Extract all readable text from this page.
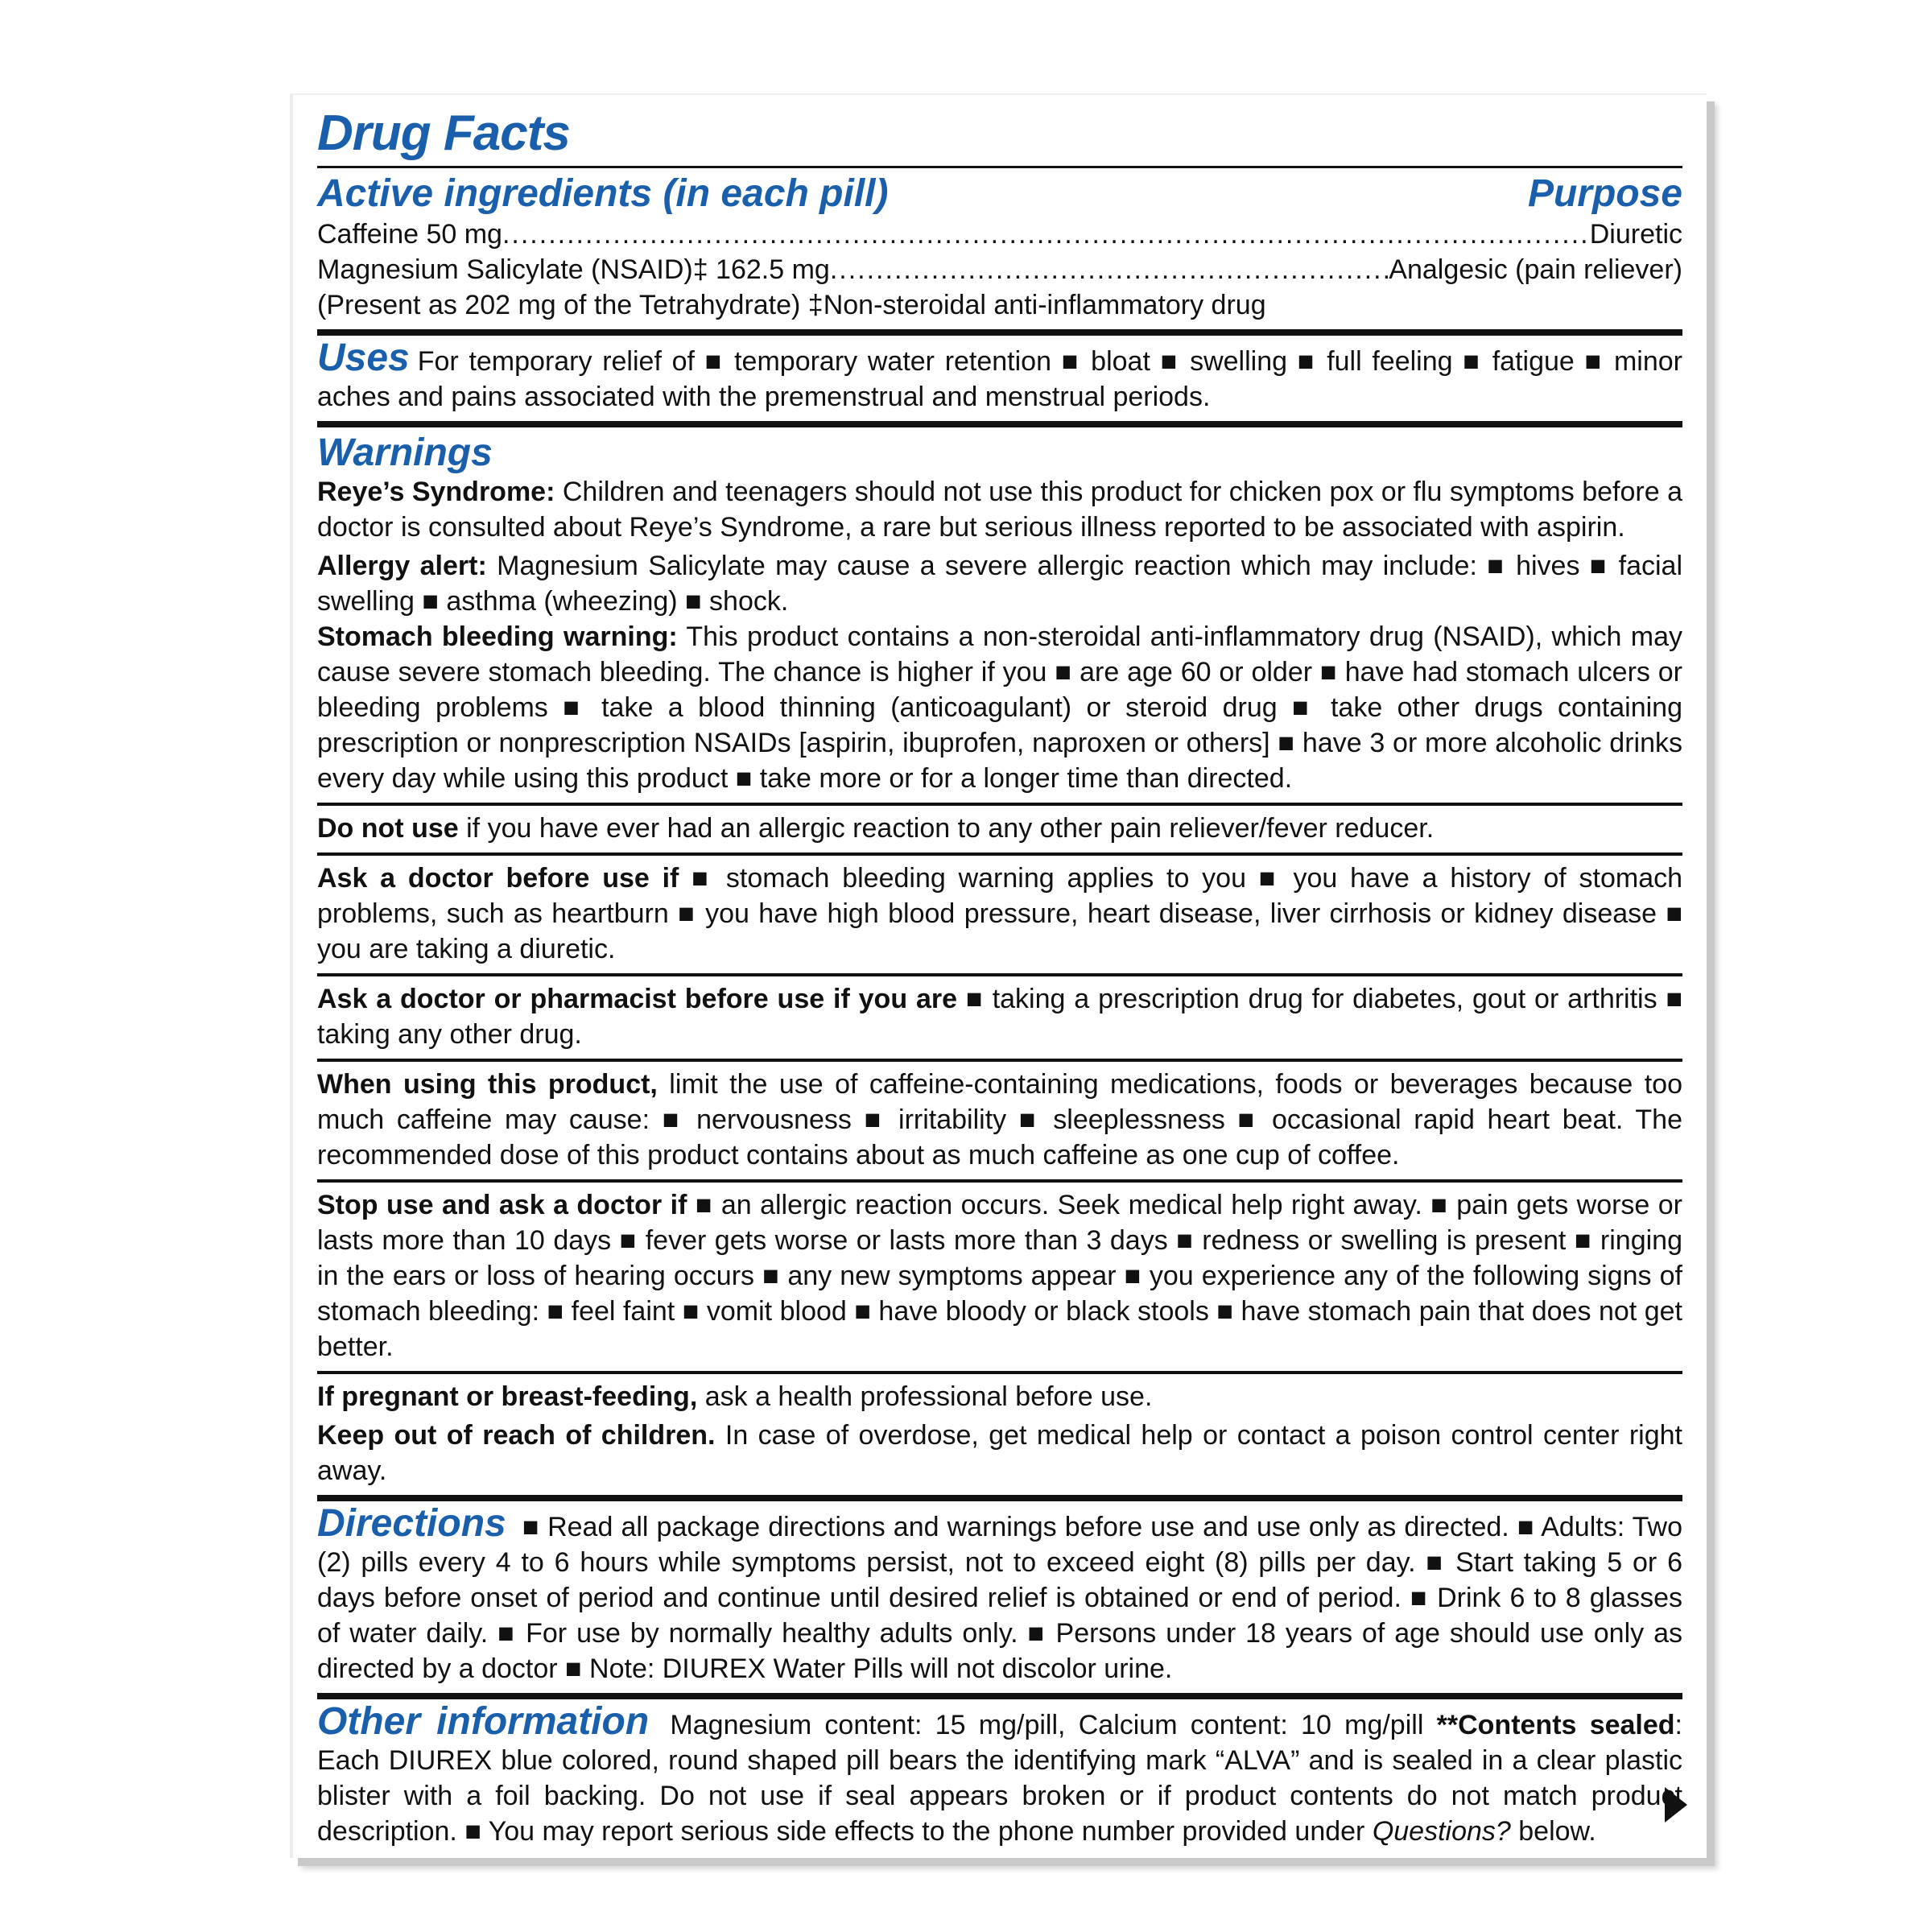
Drug Facts
Active ingredients (in each pill)	Purpose
Caffeine 50 mg .....	Diuretic
Magnesium Salicylate (NSAID)‡ 162.5 mg .....	Analgesic (pain reliever)

(Present as 202 mg of the Tetrahydrate) ‡Non-steroidal anti-inflammatory drug

Uses For temporary relief of ■ temporary water retention ■ bloat ■ swelling ■ full feeling ■ fatigue ■ minor aches and pains associated with the premenstrual and menstrual periods.

Warnings

Reye’s Syndrome: Children and teenagers should not use this product for chicken pox or flu symptoms before a doctor is consulted about Reye’s Syndrome, a rare but serious illness reported to be associated with aspirin.

Allergy alert: Magnesium Salicylate may cause a severe allergic reaction which may include: ■ hives ■ facial swelling ■ asthma (wheezing) ■ shock.

Stomach bleeding warning: This product contains a non-steroidal anti-inflammatory drug (NSAID), which may cause severe stomach bleeding. The chance is higher if you ■ are age 60 or older ■ have had stomach ulcers or bleeding problems ■ take a blood thinning (anticoagulant) or steroid drug ■ take other drugs containing prescription or nonprescription NSAIDs [aspirin, ibuprofen, naproxen or others] ■ have 3 or more alcoholic drinks every day while using this product ■ take more or for a longer time than directed.

Do not use if you have ever had an allergic reaction to any other pain reliever/fever reducer.

Ask a doctor before use if ■ stomach bleeding warning applies to you ■ you have a history of stomach problems, such as heartburn ■ you have high blood pressure, heart disease, liver cirrhosis or kidney disease ■ you are taking a diuretic.

Ask a doctor or pharmacist before use if you are ■ taking a prescription drug for diabetes, gout or arthritis ■ taking any other drug.

When using this product, limit the use of caffeine-containing medications, foods or beverages because too much caffeine may cause: ■ nervousness ■ irritability ■ sleeplessness ■ occasional rapid heart beat. The recommended dose of this product contains about as much caffeine as one cup of coffee.

Stop use and ask a doctor if ■ an allergic reaction occurs. Seek medical help right away. ■ pain gets worse or lasts more than 10 days ■ fever gets worse or lasts more than 3 days ■ redness or swelling is present ■ ringing in the ears or loss of hearing occurs ■ any new symptoms appear ■ you experience any of the following signs of stomach bleeding: ■ feel faint ■ vomit blood ■ have bloody or black stools ■ have stomach pain that does not get better.

If pregnant or breast-feeding, ask a health professional before use.

Keep out of reach of children. In case of overdose, get medical help or contact a poison control center right away.

Directions ■ Read all package directions and warnings before use and use only as directed. ■ Adults: Two (2) pills every 4 to 6 hours while symptoms persist, not to exceed eight (8) pills per day. ■ Start taking 5 or 6 days before onset of period and continue until desired relief is obtained or end of period. ■ Drink 6 to 8 glasses of water daily. ■ For use by normally healthy adults only. ■ Persons under 18 years of age should use only as directed by a doctor ■ Note: DIUREX Water Pills will not discolor urine.

Other information Magnesium content: 15 mg/pill, Calcium content: 10 mg/pill **Contents sealed: Each DIUREX blue colored, round shaped pill bears the identifying mark “ALVA” and is sealed in a clear plastic blister with a foil backing. Do not use if seal appears broken or if product contents do not match product description. ■ You may report serious side effects to the phone number provided under Questions? below.
